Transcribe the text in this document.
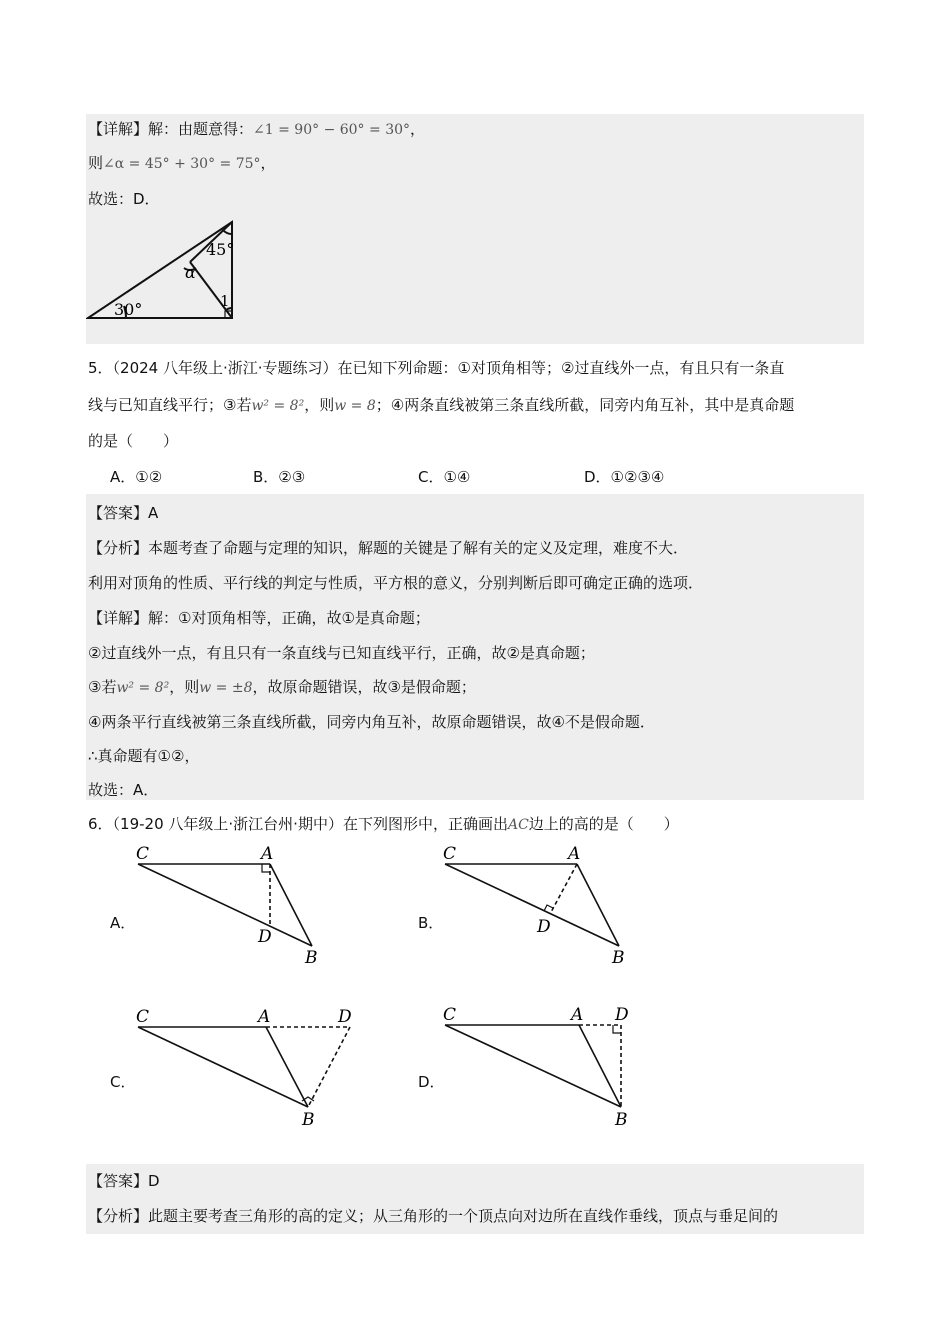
【详解】解：由题意得：∠1 = 90° − 60° = 30°，
则∠α = 45° + 30° = 75°，
故选：D．
45°
α
1
30°
5．（2024 八年级上·浙江·专题练习）在已知下列命题：①对顶角相等；②过直线外一点，有且只有一条直
线与已知直线平行；③若w² = 8²，则w = 8；④两条直线被第三条直线所截，同旁内角互补，其中是真命题
的是（　　）
A．①②	B．②③	C．①④	D．①②③④
【答案】A
【分析】本题考查了命题与定理的知识，解题的关键是了解有关的定义及定理，难度不大．
利用对顶角的性质、平行线的判定与性质，平方根的意义，分别判断后即可确定正确的选项．
【详解】解：①对顶角相等，正确，故①是真命题；
②过直线外一点，有且只有一条直线与已知直线平行，正确，故②是真命题；
③若w² = 8²，则w = ±8，故原命题错误，故③是假命题；
④两条平行直线被第三条直线所截，同旁内角互补，故原命题错误，故④不是假命题．
∴真命题有①②，
故选：A．
6．（19-20 八年级上·浙江台州·期中）在下列图形中，正确画出AC边上的高的是（　　）
A．	B．
C．	D．
C	A
D
B
C	A
D
B
C	A	D
B
C	A D
B
【答案】D
【分析】此题主要考查三角形的高的定义；从三角形的一个顶点向对边所在直线作垂线，顶点与垂足间的
